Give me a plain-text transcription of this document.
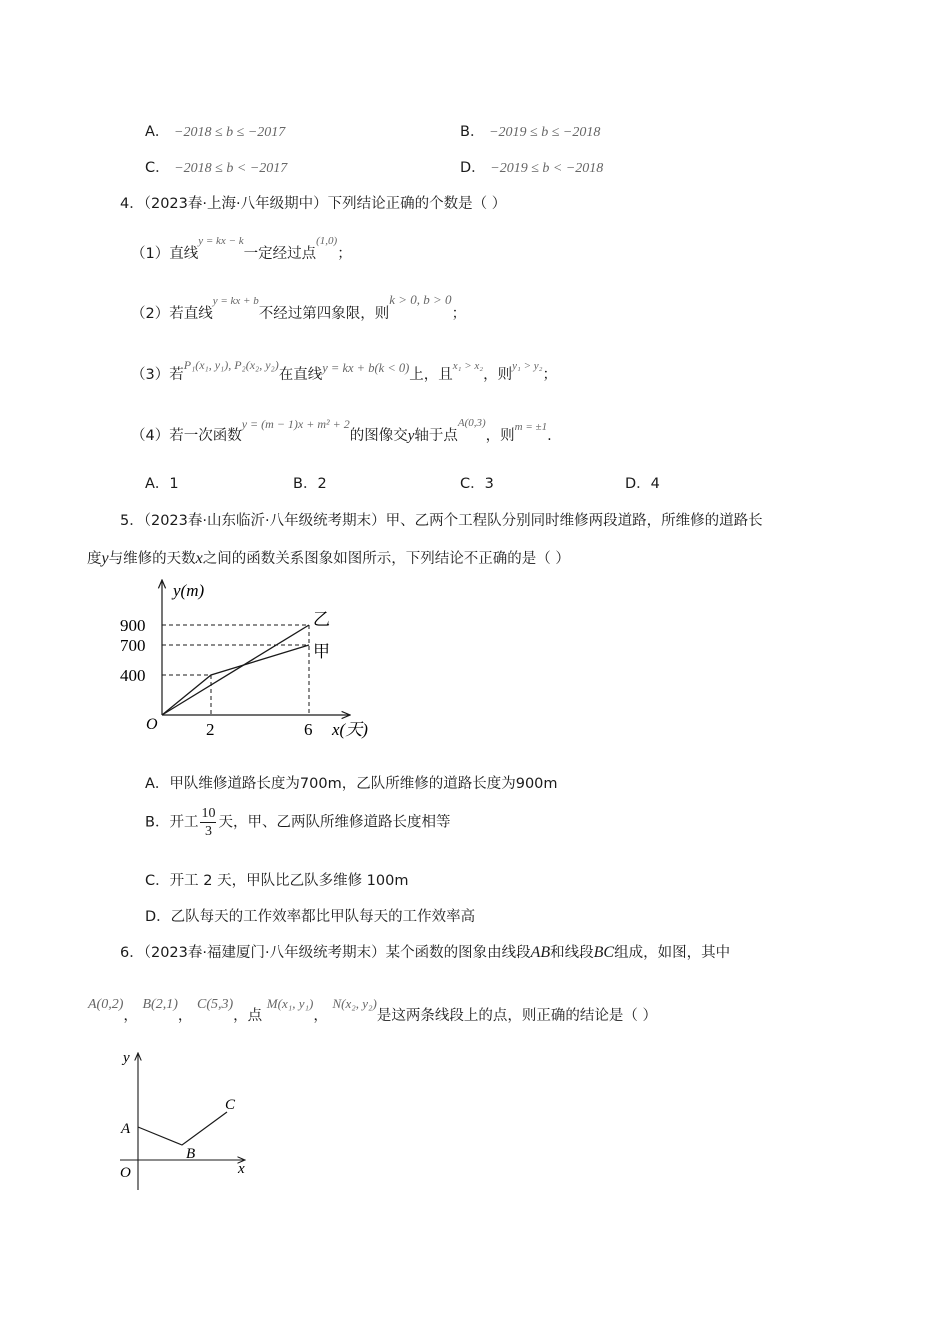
A． −2018 ≤ b ≤ −2017	B． −2019 ≤ b ≤ −2018
C． −2018 ≤ b < −2017	D． −2019 ≤ b < −2018
4．（2023春·上海·八年级期中）下列结论正确的个数是（ ）
（1）直线$^{y = kx - k}$一定经过点$^{(1,0)}$；
（2）若直线$^{y = kx + b}$不经过第四象限，则k > 0, b > 0；
（3）若$^{P_1(x_1, y_1), P_2(x_2, y_2)}$在直线y = kx + b(k < 0)上，且$^{x_1 > x_2}$，则$^{y_1 > y_2}$；
（4）若一次函数$^{y = (m - 1)x + m^2 + 2}$的图像交y轴于点$^{A(0,3)}$，则$^{m = \pm 1}$.
A．1	B．2	C．3	D．4
5．（2023春·山东临沂·八年级统考期末）甲、乙两个工程队分别同时维修两段道路，所维修的道路长
度y与维修的天数x之间的函数关系图象如图所示，下列结论不正确的是（ ）
乙
甲
400
700
900
2	6
y(m)
x(天)
O
A．甲队维修道路长度为700m，乙队所维修的道路长度为900m
B．开工 $\frac{10}{3}$ 天，甲、乙两队所维修道路长度相等
C．开工 2 天，甲队比乙队多维修 100m
D．乙队每天的工作效率都比甲队每天的工作效率高
6．（2023春·福建厦门·八年级统考期末）某个函数的图象由线段AB和线段BC组成，如图，其中
A(0,2)， B(2,1)， C(5,3)，点 M(x₁, y₁)， N(x₂, y₂)是这两条线段上的点，则正确的结论是（ ）
y
x
O
A
B
C
